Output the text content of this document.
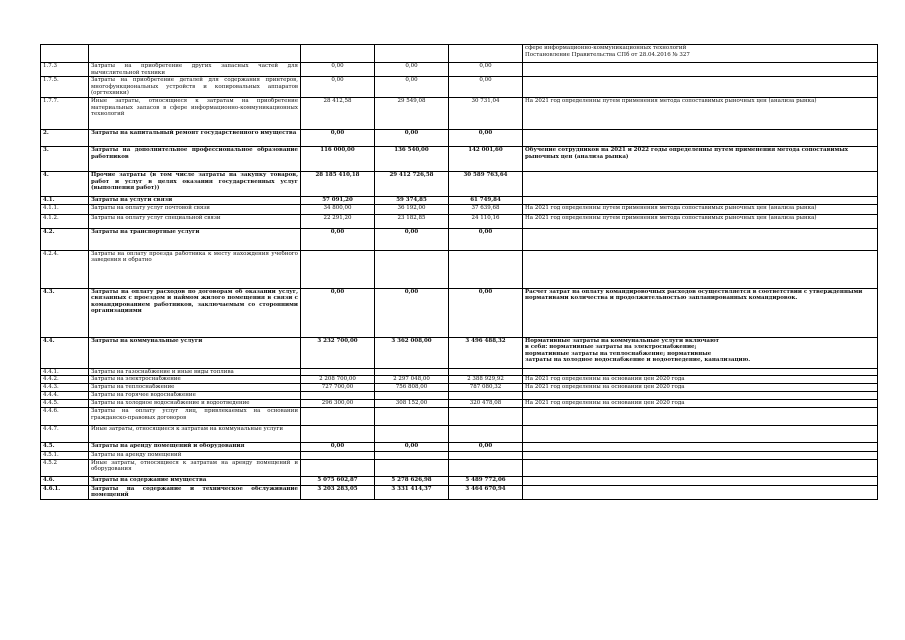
					сфере информационно-коммуникационных технологий
Постановление Правительства СПб от 28.04.2016 № 327
1.7.3	Затраты на приобретение других запасных частей для вычислительной техники	0,00	0,00	0,00	
1.7.5.	Затраты на приобретение деталей для содержания принтеров, многофункциональных устройств и копировальных аппаратов (оргтехники)	0,00	0,00	0,00	
1.7.7.	Иные затраты, относящиеся к затратам на приобретение материальных запасов в сфере информационно-коммуникационных технологий	28 412,58	29 549,08	30 731,04	На 2021 год определенны путем применения метода сопоставимых рыночных цен (анализа рынка)
2.	Затраты на капитальный ремонт государственного имущества	0,00	0,00	0,00	
3.	Затраты на дополнительное профессиональное образование работников	116 000,00	136 540,00	142 001,60	Обучение сотрудников на 2021 и 2022 годы определенны путем применения метода сопоставимых рыночных цен (анализа рынка)
4.	Прочие затраты (в том числе затраты на закупку товаров, работ и услуг в целях оказания государственных услуг (выполнения работ))	28 185 410,18	29 412 726,58	30 589 763,64	
4.1.	Затраты на услуги связи	57 091,20	59 374,85	61 749,84	
4.1.1.	Затраты на оплату услуг почтовой связи	34 800,00	36 192,00	37 639,68	На 2021 год определенны путем применения метода сопоставимых рыночных цен (анализа рынка)
4.1.2.	Затраты на оплату услуг специальной связи	22 291,20	23 182,85	24 110,16	На 2021 год определенны путем применения метода сопоставимых рыночных цен (анализа рынка)
4.2.	Затраты на транспортные услуги	0,00	0,00	0,00	
4.2.4.	Затраты на оплату проезда работника к месту нахождения учебного заведения и обратно				
4.3.	Затраты на оплату расходов по договорам об оказании услуг, связанных с проездом и наймом жилого помещения в связи с командированием работников, заключаемым со сторонними организациями	0,00	0,00	0,00	Расчет затрат на оплату командировочных расходов осуществляется в соответствии с утвержденными нормативами количества и продолжительностью запланированных командировок.
4.4.	Затраты на коммунальные услуги	3 232 700,00	3 362 008,00	3 496 488,32	Нормативные затраты на коммунальные услуги включают
в себя: нормативные затраты на электроснабжение;
нормативные затраты на теплоснабжение; нормативные
затраты на холодное водоснабжение и водоотведение, канализацию.
4.4.1.	Затраты на газоснабжение и иные виды топлива				
4.4.2.	Затраты на электроснабжение	2 208 700,00	2 297 048,00	2 388 929,92	На 2021 год определенны на основании цен 2020 года
4.4.3.	Затраты на теплоснабжение	727 700,00	756 808,00	787 080,32	На 2021 год определенны на основании цен 2020 года
4.4.4.	Затраты на горячее водоснабжение				
4.4.5.	Затраты на холодное водоснабжение и водоотведение	296 300,00	308 152,00	320 478,08	На 2021 год определенны на основании цен 2020 года
4.4.6.	Затраты на оплату услуг лиц, привлекаемых на основании гражданско-правовых договоров				
4.4.7.	Иные затраты, относящиеся к затратам на коммунальные услуги				
4.5.	Затраты на аренду помещений и оборудования	0,00	0,00	0,00	
4.5.1.	Затраты на аренду помещений				
4.5.2	Иные затраты, относящиеся к затратам на аренду помещений и оборудования				
4.6.	Затраты на содержание имущества	5 075 602,87	5 278 626,98	5 489 772,06	
4.6.1.	Затраты на содержание и техническое обслуживание помещений	3 203 283,05	3 331 414,37	3 464 670,94	
